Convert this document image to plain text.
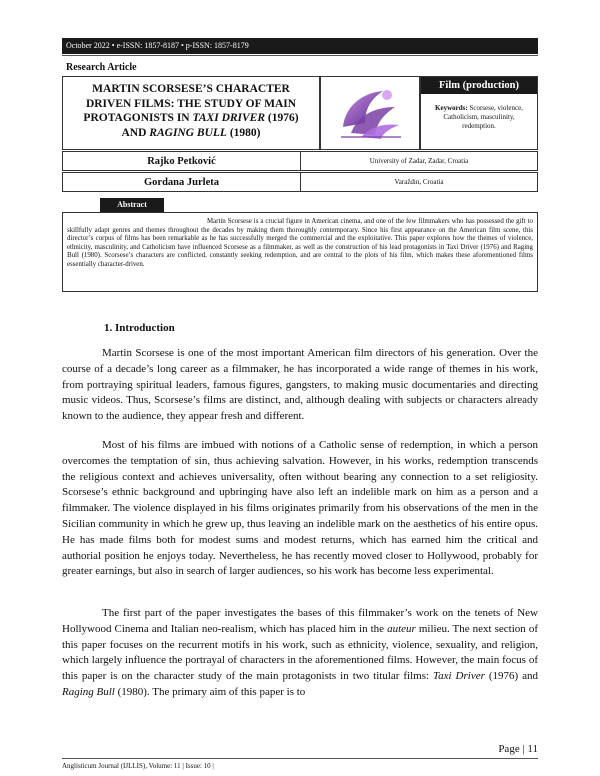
October 2022 • e-ISSN: 1857-8187 • p-ISSN: 1857-8179
Research Article
MARTIN SCORSESE’S CHARACTER
DRIVEN FILMS: THE STUDY OF MAIN
PROTAGONISTS IN TAXI DRIVER (1976)
AND RAGING BULL (1980)
Film (production)
Keywords: Scorsese, violence, Catholicism, masculinity, redemption.
Rajko Petković	University of Zadar, Zadar, Croatia
Gordana Jurleta	Varaždin, Croatia
Abstract
Martin Scorsese is a crucial figure in American cinema, and one of the few filmmakers who has possessed the gift to skillfully adapt genres and themes throughout the decades by making them thoroughly contemporary. Since his first appearance on the American film scene, this director’s corpus of films has been remarkable as he has successfully merged the commercial and the exploitative. This paper explores how the themes of violence, ethnicity, masculinity, and Catholicism have influenced Scorsese as a filmmaker, as well as the construction of his lead protagonists in Taxi Driver (1976) and Raging Bull (1980). Scorsese’s characters are conflicted, constantly seeking redemption, and are central to the plots of his film, which makes these aforementioned films essentially character-driven.
1. Introduction
Martin Scorsese is one of the most important American film directors of his generation. Over the course of a decade’s long career as a filmmaker, he has incorporated a wide range of themes in his work, from portraying spiritual leaders, famous figures, gangsters, to making music documentaries and directing music videos. Thus, Scorsese’s films are distinct, and, although dealing with subjects or characters already known to the audience, they appear fresh and different.
Most of his films are imbued with notions of a Catholic sense of redemption, in which a person overcomes the temptation of sin, thus achieving salvation. However, in his works, redemption transcends the religious context and achieves universality, often without bearing any connection to a set religiosity. Scorsese’s ethnic background and upbringing have also left an indelible mark on him as a person and a filmmaker. The violence displayed in his films originates primarily from his observations of the men in the Sicilian community in which he grew up, thus leaving an indelible mark on the aesthetics of his entire opus. He has made films both for modest sums and modest returns, which has earned him the critical and authorial position he enjoys today. Nevertheless, he has recently moved closer to Hollywood, probably for greater earnings, but also in search of larger audiences, so his work has become less experimental.
The first part of the paper investigates the bases of this filmmaker’s work on the tenets of New Hollywood Cinema and Italian neo-realism, which has placed him in the auteur milieu. The next section of this paper focuses on the recurrent motifs in his work, such as ethnicity, violence, sexuality, and religion, which largely influence the portrayal of characters in the aforementioned films. However, the main focus of this paper is on the character study of the main protagonists in two titular films: Taxi Driver (1976) and Raging Bull (1980). The primary aim of this paper is to
Page | 11
Anglisticum Journal (IJLLIS), Volume: 11 | Issue: 10 |
